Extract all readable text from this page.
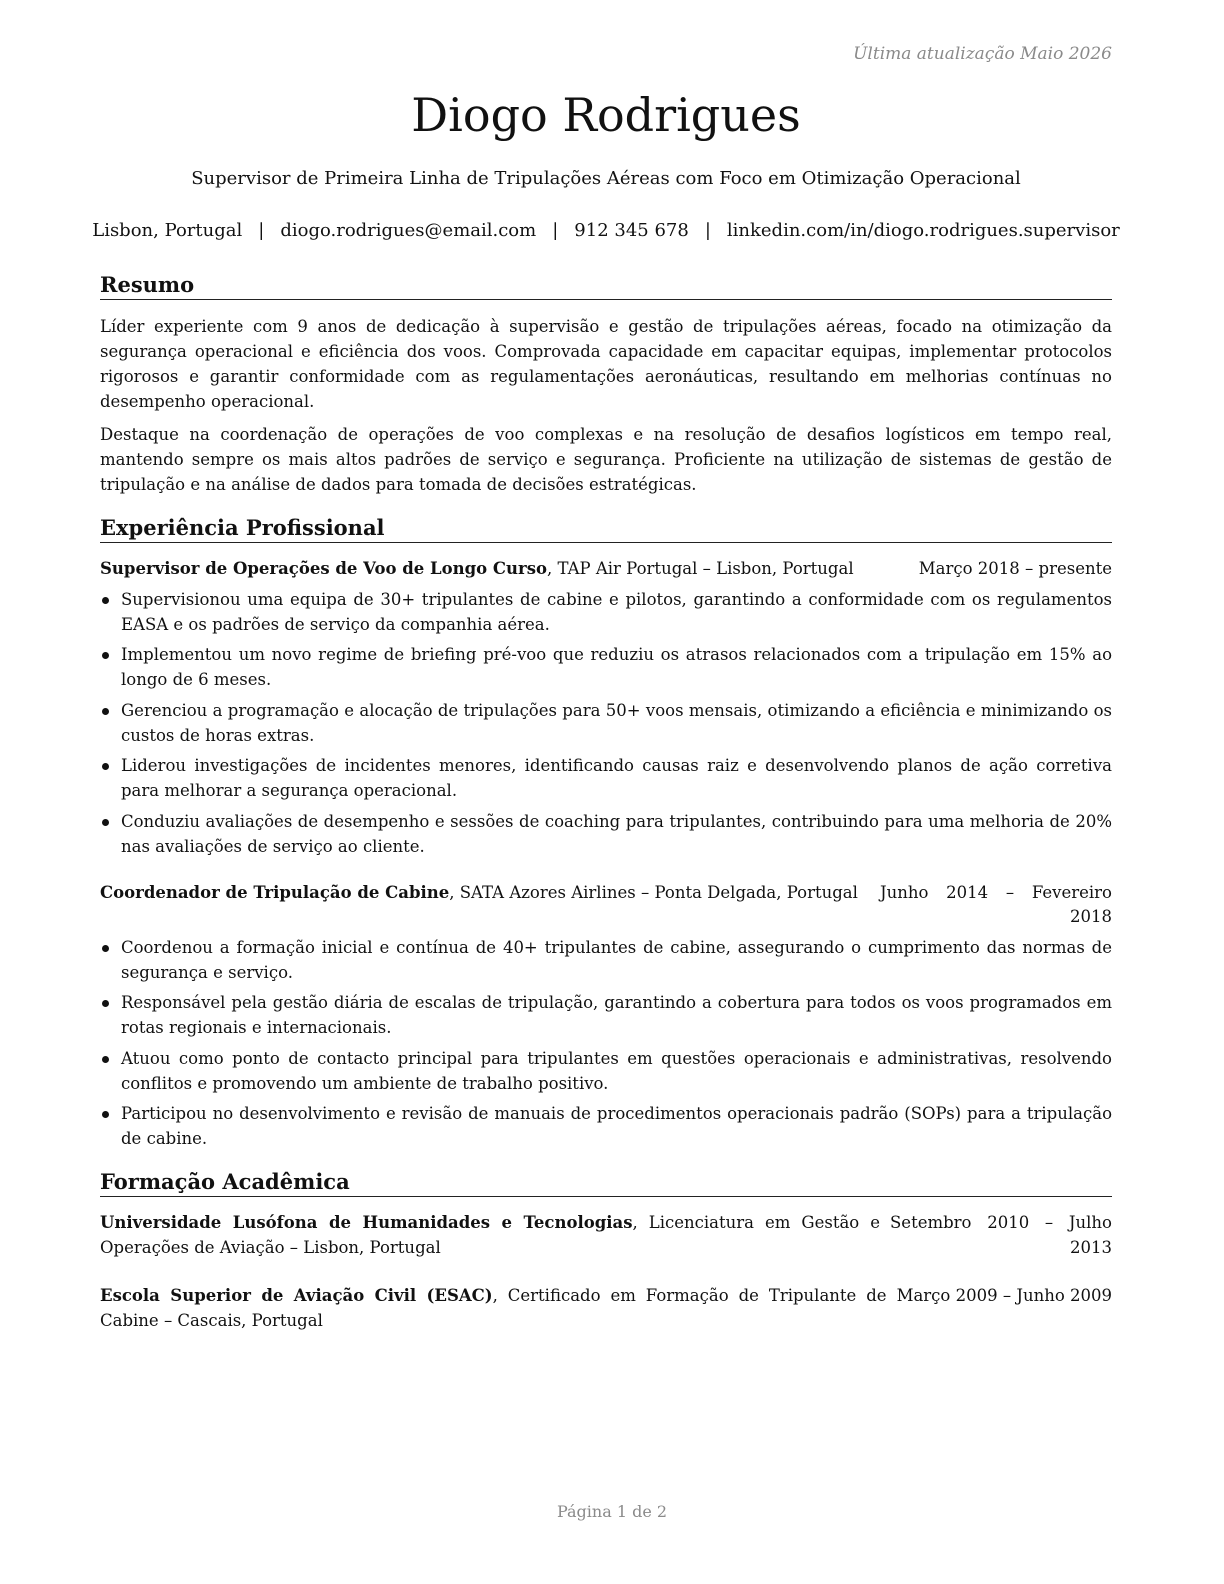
Última atualização Maio 2026
Diogo Rodrigues
Supervisor de Primeira Linha de Tripulações Aéreas com Foco em Otimização Operacional
Lisbon, Portugal | diogo.rodrigues@email.com | 912 345 678 | linkedin.com/in/diogo.rodrigues.supervisor
Resumo

Líder experiente com 9 anos de dedicação à supervisão e gestão de tripulações aéreas, focado na otimização da segurança operacional e eficiência dos voos. Comprovada capacidade em capacitar equipas, implementar protocolos rigorosos e garantir conformidade com as regulamentações aeronáuticas, resultando em melhorias contínuas no desempenho operacional.

Destaque na coordenação de operações de voo complexas e na resolução de desafios logísticos em tempo real, mantendo sempre os mais altos padrões de serviço e segurança. Proficiente na utilização de sistemas de gestão de tripulação e na análise de dados para tomada de decisões estratégicas.

Experiência Profissional
Supervisor de Operações de Voo de Longo Curso, TAP Air Portugal – Lisbon, Portugal	Março 2018 – presente
Supervisionou uma equipa de 30+ tripulantes de cabine e pilotos, garantindo a conformidade com os regulamentos EASA e os padrões de serviço da companhia aérea.
Implementou um novo regime de briefing pré-voo que reduziu os atrasos relacionados com a tripulação em 15% ao longo de 6 meses.
Gerenciou a programação e alocação de tripulações para 50+ voos mensais, otimizando a eficiência e minimizando os custos de horas extras.
Liderou investigações de incidentes menores, identificando causas raiz e desenvolvendo planos de ação corretiva para melhorar a segurança operacional.
Conduziu avaliações de desempenho e sessões de coaching para tripulantes, contribuindo para uma melhoria de 20% nas avaliações de serviço ao cliente.
Coordenador de Tripulação de Cabine, SATA Azores Airlines – Ponta Delgada, Portugal	Junho 2014 – Fevereiro 2018
Coordenou a formação inicial e contínua de 40+ tripulantes de cabine, assegurando o cumprimento das normas de segurança e serviço.
Responsável pela gestão diária de escalas de tripulação, garantindo a cobertura para todos os voos programados em rotas regionais e internacionais.
Atuou como ponto de contacto principal para tripulantes em questões operacionais e administrativas, resolvendo conflitos e promovendo um ambiente de trabalho positivo.
Participou no desenvolvimento e revisão de manuais de procedimentos operacionais padrão (SOPs) para a tripulação de cabine.
Formação Acadêmica
Universidade Lusófona de Humanidades e Tecnologias, Licenciatura em Gestão e Operações de Aviação – Lisbon, Portugal
Setembro 2010 – Julho 2013
Escola Superior de Aviação Civil (ESAC), Certificado em Formação de Tripulante de Cabine – Cascais, Portugal
Março 2009 – Junho 2009
Página 1 de 2
